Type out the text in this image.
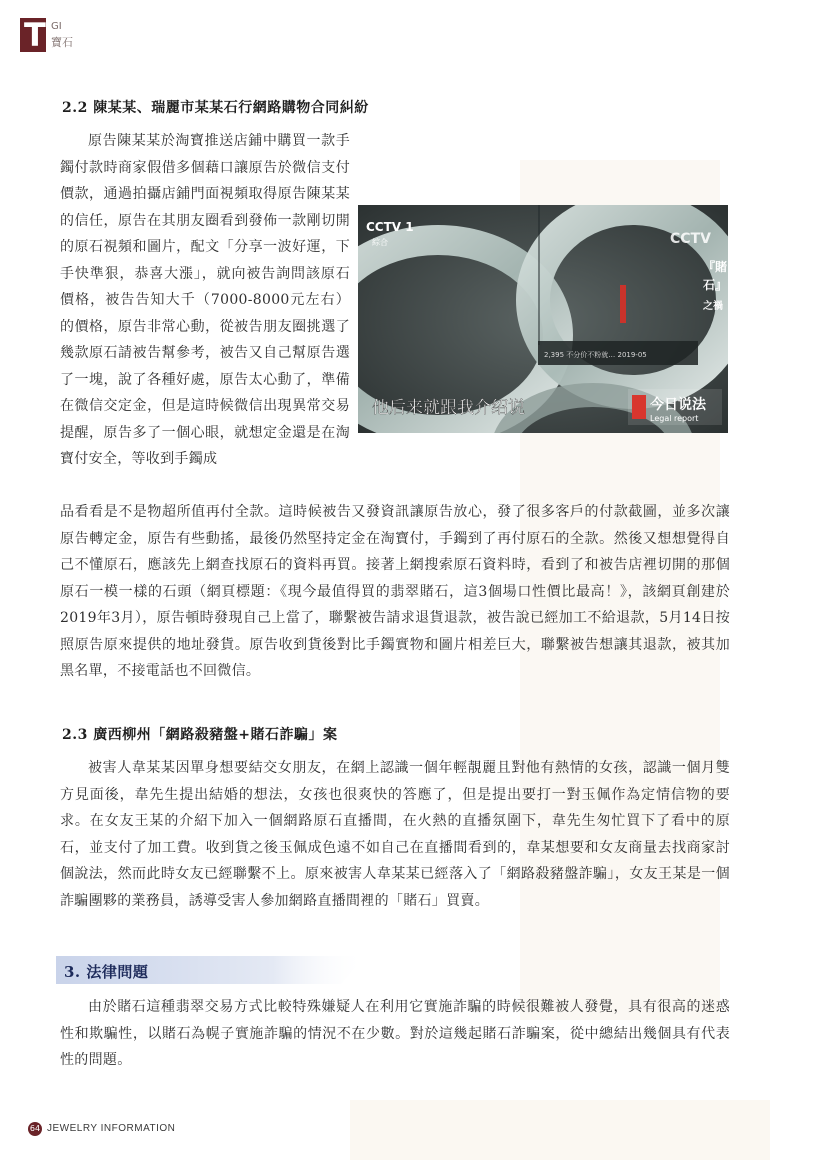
T GI
寶石
2.2 陳某某、瑞麗市某某石行網路購物合同糾紛

原告陳某某於淘寶推送店鋪中購買一款手鐲付款時商家假借多個藉口讓原告於微信支付價款，通過拍攝店鋪門面視頻取得原告陳某某的信任，原告在其朋友圈看到發佈一款剛切開的原石視頻和圖片，配文「分享一波好運，下手快準狠，恭喜大漲」，就向被告詢問該原石價格，被告告知大千（7000-8000元左右）的價格，原告非常心動，從被告朋友圈挑選了幾款原石請被告幫參考，被告又自己幫原告選了一塊，說了各種好處，原告太心動了，準備在微信交定金，但是這時候微信出現異常交易提醒，原告多了一個心眼，就想定金還是在淘寶付安全，等收到手鐲成

CCTV 1
綜合	CCTV
『賭
石』
之禍
2,395 不分价不粉就… 2019-05
他后来就跟我介绍说	今日说法
Legal report

品看看是不是物超所值再付全款。這時候被告又發資訊讓原告放心，發了很多客戶的付款截圖，並多次讓原告轉定金，原告有些動搖，最後仍然堅持定金在淘寶付，手鐲到了再付原石的全款。然後又想想覺得自己不懂原石，應該先上網查找原石的資料再買。接著上網搜索原石資料時，看到了和被告店裡切開的那個原石一模一樣的石頭（網頁標題：《現今最值得買的翡翠賭石，這3個場口性價比最高！》，該網頁創建於2019年3月），原告頓時發現自己上當了，聯繫被告請求退貨退款，被告說已經加工不給退款，5月14日按照原告原來提供的地址發貨。原告收到貨後對比手鐲實物和圖片相差巨大，聯繫被告想讓其退款，被其加黑名單，不接電話也不回微信。

2.3 廣西柳州「網路殺豬盤+賭石詐騙」案

被害人韋某某因單身想要結交女朋友，在網上認識一個年輕靚麗且對他有熱情的女孩，認識一個月雙方見面後，韋先生提出結婚的想法，女孩也很爽快的答應了，但是提出要打一對玉佩作為定情信物的要求。在女友王某的介紹下加入一個網路原石直播間，在火熱的直播氛圍下，韋先生匆忙買下了看中的原石，並支付了加工費。收到貨之後玉佩成色遠不如自己在直播間看到的，韋某想要和女友商量去找商家討個說法，然而此時女友已經聯繫不上。原來被害人韋某某已經落入了「網路殺豬盤詐騙」，女友王某是一個詐騙團夥的業務員，誘導受害人參加網路直播間裡的「賭石」買賣。

3. 法律問題

由於賭石這種翡翠交易方式比較特殊嫌疑人在利用它實施詐騙的時候很難被人發覺，具有很高的迷惑性和欺騙性，以賭石為幌子實施詐騙的情況不在少數。對於這幾起賭石詐騙案，從中總結出幾個具有代表性的問題。

64 JEWELRY INFORMATION
